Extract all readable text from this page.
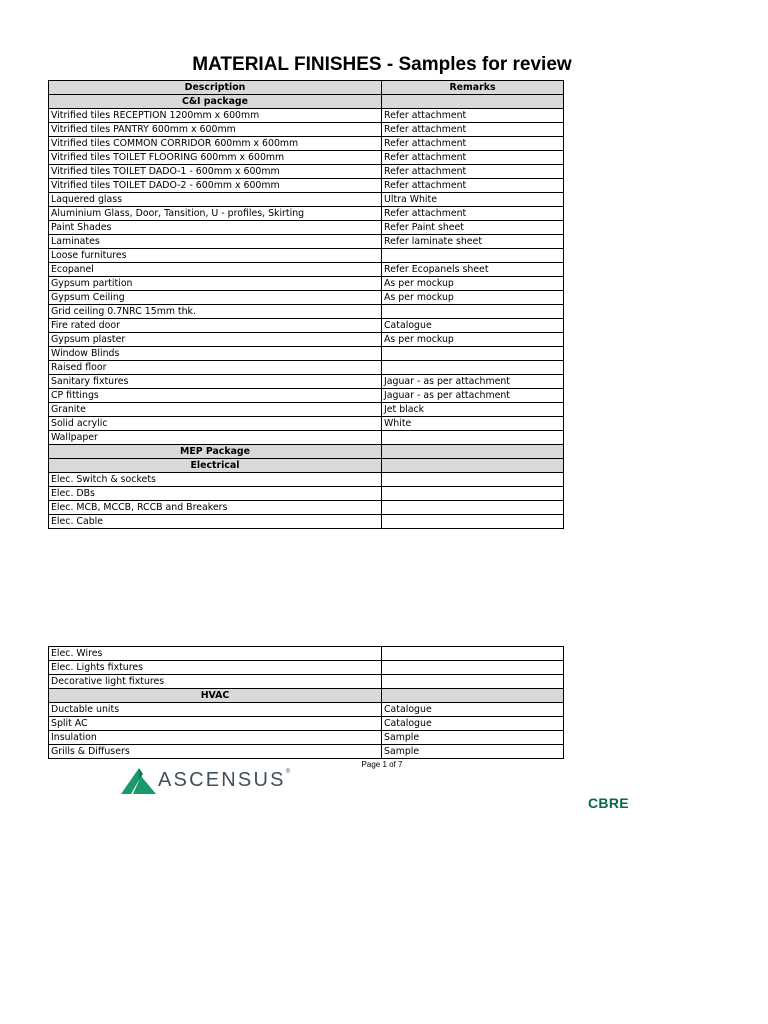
MATERIAL FINISHES - Samples for review
Description	Remarks
C&I package	
Vitrified tiles RECEPTION 1200mm x 600mm	Refer attachment
Vitrified tiles PANTRY 600mm x 600mm	Refer attachment
Vitrified tiles COMMON CORRIDOR 600mm x 600mm	Refer attachment
Vitrified tiles TOILET FLOORING 600mm x 600mm	Refer attachment
Vitrified tiles TOILET DADO-1 - 600mm x 600mm	Refer attachment
Vitrified tiles TOILET DADO-2 - 600mm x 600mm	Refer attachment
Laquered glass	Ultra White
Aluminium Glass, Door, Tansition, U - profiles, Skirting	Refer attachment
Paint Shades	Refer Paint sheet
Laminates	Refer laminate sheet
Loose furnitures	
Ecopanel	Refer Ecopanels sheet
Gypsum partition	As per mockup
Gypsum Ceiling	As per mockup
Grid ceiling 0.7NRC 15mm thk.	
Fire rated door	Catalogue
Gypsum plaster	As per mockup
Window Blinds	
Raised floor	
Sanitary fixtures	Jaguar - as per attachment
CP fittings	Jaguar - as per attachment
Granite	Jet black
Solid acrylic	White
Wallpaper	
MEP Package	
Electrical	
Elec. Switch & sockets	
Elec. DBs	
Elec. MCB, MCCB, RCCB and Breakers	
Elec. Cable	
Elec. Wires	
Elec. Lights fixtures	
Decorative light fixtures	
HVAC	
Ductable units	Catalogue
Split AC	Catalogue
Insulation	Sample
Grills & Diffusers	Sample
Page 1 of 7
ASCENSUS®
CBRE
